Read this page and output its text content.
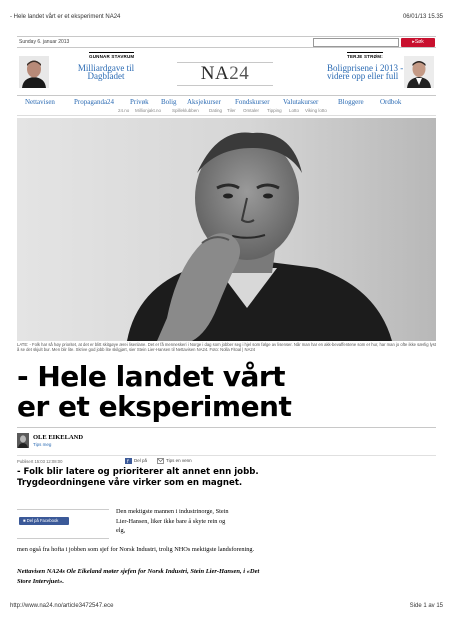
- Hele landet vårt er et eksperiment NA24	06/01/13 15.35
Sunday 6. januar 2013	▸Søk
GUNNAR STAVRUM
Milliardgave til
Dagbladet	NA24
TERJE STRØM:
Boligprisene i 2013 -
videre opp eller full
Nettavisen	Propaganda24 Privøk Bolig Aksjekurser Fondskurser Valutakurser	Bloggere Ordbok
24.no Millionjakt.no Spilleklubben Dating Tiler Omtaler Tipping Lotto Viking lotto
LATE: - Folk har så høy prioritet, at det er blitt skitgøye ærei lisenlane. Det er få menneskeri i Norge i dag som jobber seg i hjel som følge av lisenser. Når man har en akk-bevaffentene som er hur, har man jo ofte ikke særlig lyst å se det skjult bur. Men blir lite. Skrive god jobb lite skilgjørt, sier Stein Lier-Hansen til Nettavisen NA24. Foto: Nolla Fitoal | NA24
- Hele landet vårt
er et eksperiment
OLE EIKELAND
Tips meg
Publisert 15:03 12:08:00	f Del på	Tips en venn
- Folk blir latere og prioriterer alt annet enn jobb. Trygdeordningene våre virker som en magnet.
■ Del på Facebook
Den mektigste mannen i industrinorge, Stein Lier-Hansen, liker ikke bare å skyte rein og elg,
men også fra hofta i jobben som sjef for Norsk Industri, trolig NHOs mektigste landsforening.
Nettavisen NA24s Ole Eikeland møter sjefen for Norsk Industri, Stein Lier-Hansen, i «Det Store Intervjuet».
http://www.na24.no/article3472547.ece	Side 1 av 15
